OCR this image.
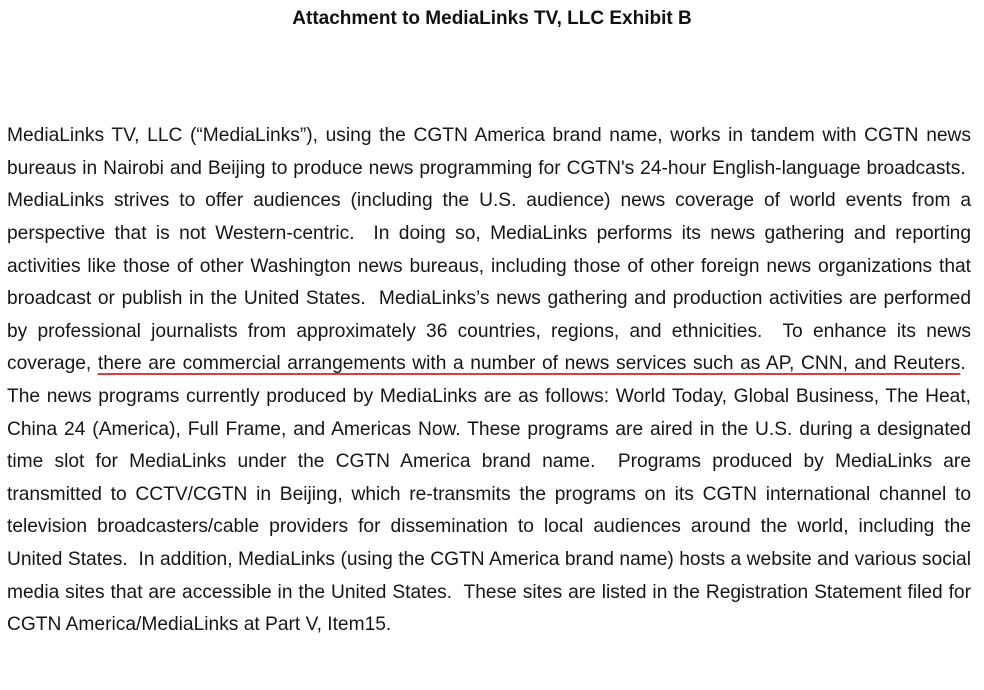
Attachment to MediaLinks TV, LLC Exhibit B

MediaLinks TV, LLC (“MediaLinks”), using the CGTN America brand name, works in tandem with CGTN news bureaus in Nairobi and Beijing to produce news programming for CGTN's 24-hour English-language broadcasts.  MediaLinks strives to offer audiences (including the U.S. audience) news coverage of world events from a perspective that is not Western-centric.  In doing so, MediaLinks performs its news gathering and reporting activities like those of other Washington news bureaus, including those of other foreign news organizations that broadcast or publish in the United States.  MediaLinks’s news gathering and production activities are performed by professional journalists from approximately 36 countries, regions, and ethnicities.  To enhance its news coverage, there are commercial arrangements with a number of news services such as AP, CNN, and Reuters.  The news programs currently produced by MediaLinks are as follows: World Today, Global Business, The Heat, China 24 (America), Full Frame, and Americas Now. These programs are aired in the U.S. during a designated time slot for MediaLinks under the CGTN America brand name.  Programs produced by MediaLinks are transmitted to CCTV/CGTN in Beijing, which re-transmits the programs on its CGTN international channel to television broadcasters/cable providers for dissemination to local audiences around the world, including the United States.  In addition, MediaLinks (using the CGTN America brand name) hosts a website and various social media sites that are accessible in the United States.  These sites are listed in the Registration Statement filed for CGTN America/MediaLinks at Part V, Item15.
